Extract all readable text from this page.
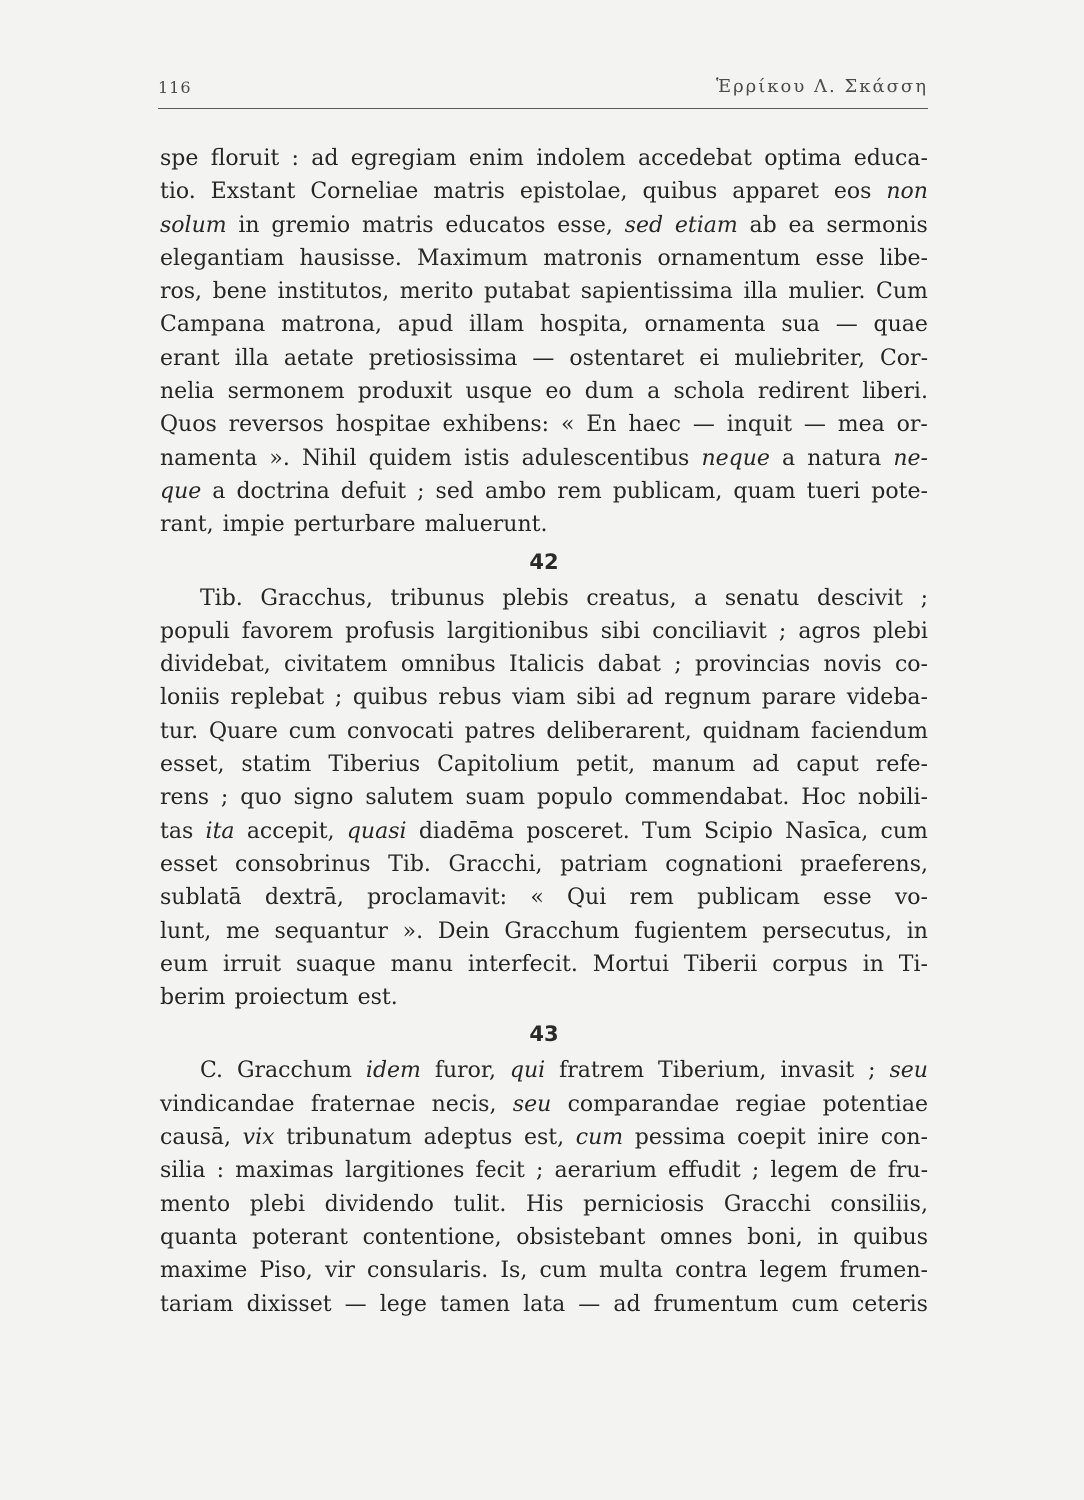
116	Ἑρρίκου Λ. Σκάσση
spe floruit : ad egregiam enim indolem accedebat optima educa-
tio. Exstant Corneliae matris epistolae, quibus apparet eos non
solum in gremio matris educatos esse, sed etiam ab ea sermonis
elegantiam hausisse. Maximum matronis ornamentum esse libe-
ros, bene institutos, merito putabat sapientissima illa mulier. Cum
Campana matrona, apud illam hospita, ornamenta sua — quae
erant illa aetate pretiosissima — ostentaret ei muliebriter, Cor-
nelia sermonem produxit usque eo dum a schola redirent liberi.
Quos reversos hospitae exhibens: « En haec — inquit — mea or-
namenta ». Nihil quidem istis adulescentibus neque a natura ne-
que a doctrina defuit ; sed ambo rem publicam, quam tueri pote-
rant, impie perturbare maluerunt.
42
Tib. Gracchus, tribunus plebis creatus, a senatu descivit ;
populi favorem profusis largitionibus sibi conciliavit ; agros plebi
dividebat, civitatem omnibus Italicis dabat ; provincias novis co-
loniis replebat ; quibus rebus viam sibi ad regnum parare videba-
tur. Quare cum convocati patres deliberarent, quidnam faciendum
esset, statim Tiberius Capitolium petit, manum ad caput refe-
rens ; quo signo salutem suam populo commendabat. Hoc nobili-
tas ita accepit, quasi diadēma posceret. Tum Scipio Nasīca, cum
esset consobrinus Tib. Gracchi, patriam cognationi praeferens,
sublatā dextrā, proclamavit: « Qui rem publicam esse vo-
lunt, me sequantur ». Dein Gracchum fugientem persecutus, in
eum irruit suaque manu interfecit. Mortui Tiberii corpus in Ti-
berim proiectum est.
43
C. Gracchum idem furor, qui fratrem Tiberium, invasit ; seu
vindicandae fraternae necis, seu comparandae regiae potentiae
causā, vix tribunatum adeptus est, cum pessima coepit inire con-
silia : maximas largitiones fecit ; aerarium effudit ; legem de fru-
mento plebi dividendo tulit. His perniciosis Gracchi consiliis,
quanta poterant contentione, obsistebant omnes boni, in quibus
maxime Piso, vir consularis. Is, cum multa contra legem frumen-
tariam dixisset — lege tamen lata — ad frumentum cum ceteris
